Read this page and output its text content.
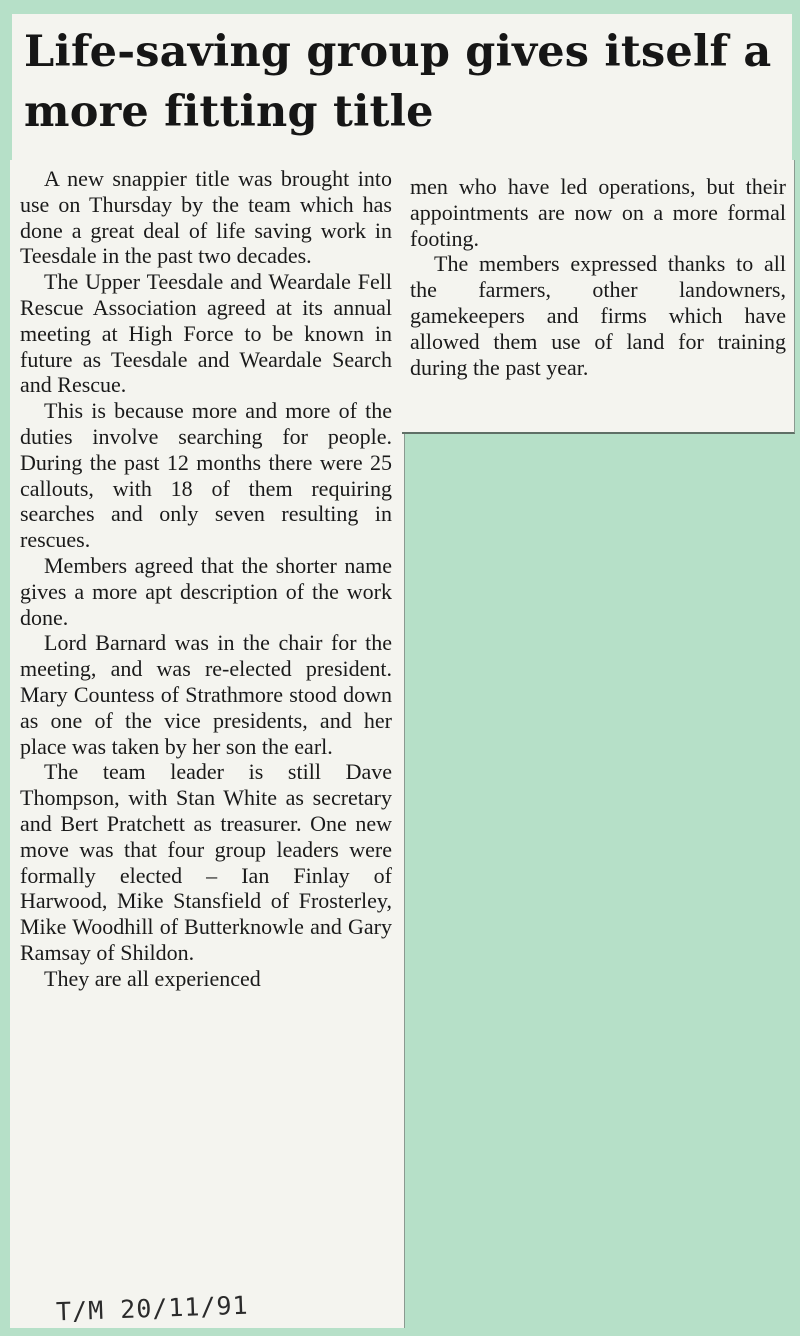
Life-saving group gives itself a more fitting title

A new snappier title was brought into use on Thursday by the team which has done a great deal of life saving work in Teesdale in the past two decades.

The Upper Teesdale and Weardale Fell Rescue Association agreed at its annual meeting at High Force to be known in future as Teesdale and Weardale Search and Rescue.

This is because more and more of the duties involve searching for people. During the past 12 months there were 25 callouts, with 18 of them requiring searches and only seven resulting in rescues.

Members agreed that the shorter name gives a more apt description of the work done.

Lord Barnard was in the chair for the meeting, and was re-elected president. Mary Countess of Strathmore stood down as one of the vice presidents, and her place was taken by her son the earl.

The team leader is still Dave Thompson, with Stan White as secretary and Bert Pratchett as treasurer. One new move was that four group leaders were formally elected – Ian Finlay of Harwood, Mike Stansfield of Frosterley, Mike Woodhill of Butterknowle and Gary Ramsay of Shildon.

They are all experienced

men who have led operations, but their appointments are now on a more formal footing.

The members expressed thanks to all the farmers, other landowners, gamekeepers and firms which have allowed them use of land for training during the past year.

T/M 20/11/91
